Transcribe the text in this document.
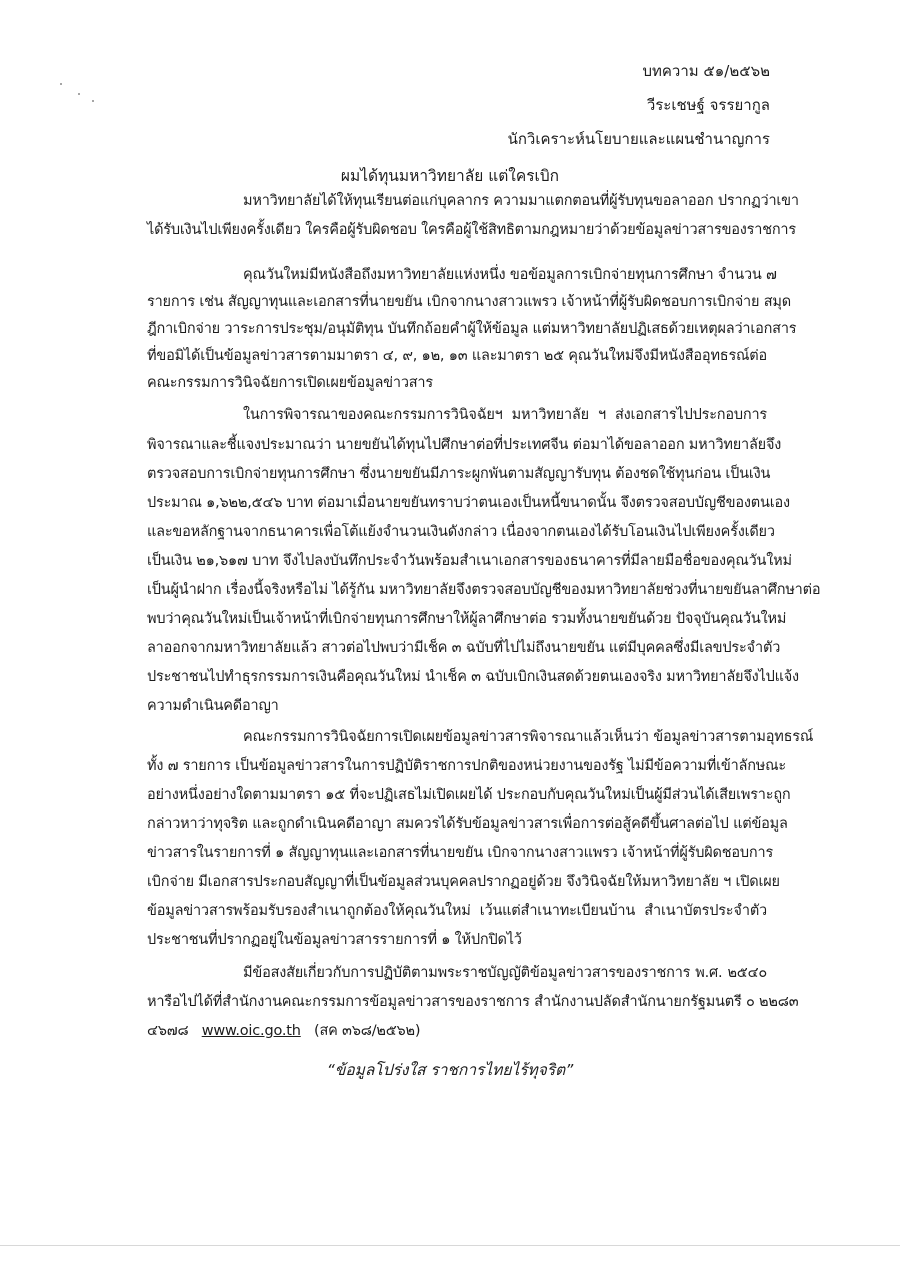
บทความ ๕๑/๒๕๖๒
วีระเชษฐ์ จรรยากูล
นักวิเคราะห์นโยบายและแผนชำนาญการ
ผมได้ทุนมหาวิทยาลัย แต่ใครเบิก
มหาวิทยาลัยได้ให้ทุนเรียนต่อแก่บุคลากร ความมาแตกตอนที่ผู้รับทุนขอลาออก ปรากฏว่าเขา
ได้รับเงินไปเพียงครั้งเดียว ใครคือผู้รับผิดชอบ ใครคือผู้ใช้สิทธิตามกฎหมายว่าด้วยข้อมูลข่าวสารของราชการ
คุณวันใหม่มีหนังสือถึงมหาวิทยาลัยแห่งหนึ่ง ขอข้อมูลการเบิกจ่ายทุนการศึกษา จำนวน ๗
รายการ เช่น สัญญาทุนและเอกสารที่นายขยัน เบิกจากนางสาวแพรว เจ้าหน้าที่ผู้รับผิดชอบการเบิกจ่าย สมุด
ฎีกาเบิกจ่าย วาระการประชุม/อนุมัติทุน บันทึกถ้อยคำผู้ให้ข้อมูล แต่มหาวิทยาลัยปฏิเสธด้วยเหตุผลว่าเอกสาร
ที่ขอมิได้เป็นข้อมูลข่าวสารตามมาตรา ๔, ๙, ๑๒, ๑๓ และมาตรา ๒๕ คุณวันใหม่จึงมีหนังสืออุทธรณ์ต่อ
คณะกรรมการวินิจฉัยการเปิดเผยข้อมูลข่าวสาร
ในการพิจารณาของคณะกรรมการวินิจฉัยฯ มหาวิทยาลัย ฯ ส่งเอกสารไปประกอบการ
พิจารณาและชี้แจงประมาณว่า นายขยันได้ทุนไปศึกษาต่อที่ประเทศจีน ต่อมาได้ขอลาออก มหาวิทยาลัยจึง
ตรวจสอบการเบิกจ่ายทุนการศึกษา ซึ่งนายขยันมีภาระผูกพันตามสัญญารับทุน ต้องชดใช้ทุนก่อน เป็นเงิน
ประมาณ ๑,๖๒๒,๕๔๖ บาท ต่อมาเมื่อนายขยันทราบว่าตนเองเป็นหนี้ขนาดนั้น จึงตรวจสอบบัญชีของตนเอง
และขอหลักฐานจากธนาคารเพื่อโต้แย้งจำนวนเงินดังกล่าว เนื่องจากตนเองได้รับโอนเงินไปเพียงครั้งเดียว
เป็นเงิน ๒๑,๖๑๗ บาท จึงไปลงบันทึกประจำวันพร้อมสำเนาเอกสารของธนาคารที่มีลายมือชื่อของคุณวันใหม่
เป็นผู้นำฝาก เรื่องนี้จริงหรือไม่ ได้รู้กัน มหาวิทยาลัยจึงตรวจสอบบัญชีของมหาวิทยาลัยช่วงที่นายขยันลาศึกษาต่อ
พบว่าคุณวันใหม่เป็นเจ้าหน้าที่เบิกจ่ายทุนการศึกษาให้ผู้ลาศึกษาต่อ รวมทั้งนายขยันด้วย ปัจจุบันคุณวันใหม่
ลาออกจากมหาวิทยาลัยแล้ว สาวต่อไปพบว่ามีเช็ค ๓ ฉบับที่ไปไม่ถึงนายขยัน แต่มีบุคคลซึ่งมีเลขประจำตัว
ประชาชนไปทำธุรกรรมการเงินคือคุณวันใหม่ นำเช็ค ๓ ฉบับเบิกเงินสดด้วยตนเองจริง มหาวิทยาลัยจึงไปแจ้ง
ความดำเนินคดีอาญา
คณะกรรมการวินิจฉัยการเปิดเผยข้อมูลข่าวสารพิจารณาแล้วเห็นว่า ข้อมูลข่าวสารตามอุทธรณ์
ทั้ง ๗ รายการ เป็นข้อมูลข่าวสารในการปฏิบัติราชการปกติของหน่วยงานของรัฐ ไม่มีข้อความที่เข้าลักษณะ
อย่างหนึ่งอย่างใดตามมาตรา ๑๕ ที่จะปฏิเสธไม่เปิดเผยได้ ประกอบกับคุณวันใหม่เป็นผู้มีส่วนได้เสียเพราะถูก
กล่าวหาว่าทุจริต และถูกดำเนินคดีอาญา สมควรได้รับข้อมูลข่าวสารเพื่อการต่อสู้คดีขึ้นศาลต่อไป แต่ข้อมูล
ข่าวสารในรายการที่ ๑ สัญญาทุนและเอกสารที่นายขยัน เบิกจากนางสาวแพรว เจ้าหน้าที่ผู้รับผิดชอบการ
เบิกจ่าย มีเอกสารประกอบสัญญาที่เป็นข้อมูลส่วนบุคคลปรากฏอยู่ด้วย จึงวินิจฉัยให้มหาวิทยาลัย ฯ เปิดเผย
ข้อมูลข่าวสารพร้อมรับรองสำเนาถูกต้องให้คุณวันใหม่ เว้นแต่สำเนาทะเบียนบ้าน สำเนาบัตรประจำตัว
ประชาชนที่ปรากฏอยู่ในข้อมูลข่าวสารรายการที่ ๑ ให้ปกปิดไว้
มีข้อสงสัยเกี่ยวกับการปฏิบัติตามพระราชบัญญัติข้อมูลข่าวสารของราชการ พ.ศ. ๒๕๔๐
หารือไปได้ที่สำนักงานคณะกรรมการข้อมูลข่าวสารของราชการ สำนักงานปลัดสำนักนายกรัฐมนตรี ๐ ๒๒๘๓
๔๖๗๘ www.oic.go.th (สค ๓๖๘/๒๕๖๒)
“ข้อมูลโปร่งใส ราชการไทยไร้ทุจริต”
